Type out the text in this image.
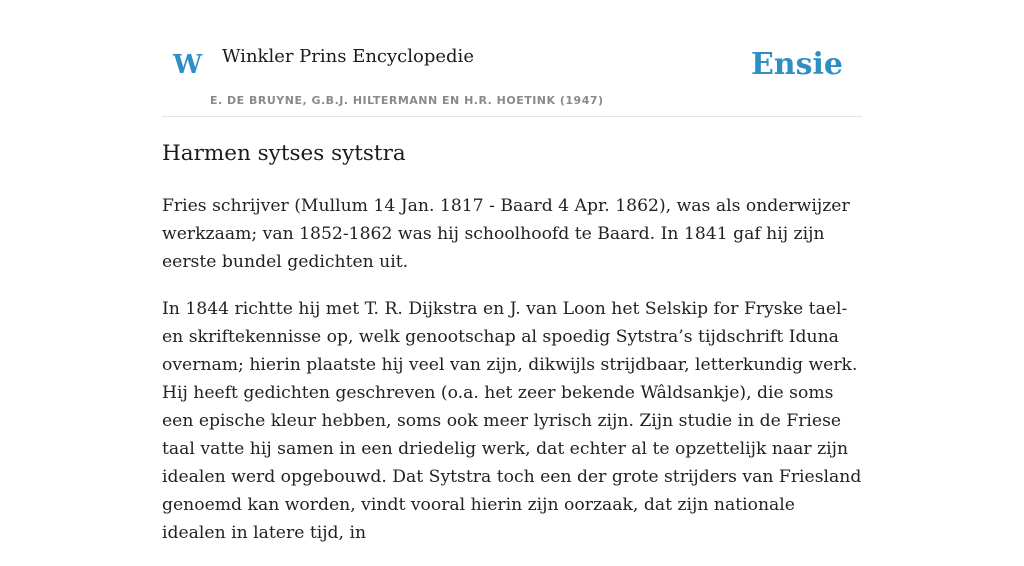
W Winkler Prins Encyclopedie
E. DE BRUYNE, G.B.J. HILTERMANN EN H.R. HOETINK (1947)
Ensie
Harmen sytses sytstra

Fries schrijver (Mullum 14 Jan. 1817 - Baard 4 Apr. 1862), was als onderwijzer werkzaam; van 1852-1862 was hij schoolhoofd te Baard. In 1841 gaf hij zijn eerste bundel gedichten uit.

In 1844 richtte hij met T. R. Dijkstra en J. van Loon het Selskip for Fryske tael- en skriftekennisse op, welk genootschap al spoedig Sytstra’s tijdschrift Iduna overnam; hierin plaatste hij veel van zijn, dikwijls strijdbaar, letterkundig werk. Hij heeft gedichten geschreven (o.a. het zeer bekende Wâldsankje), die soms een epische kleur hebben, soms ook meer lyrisch zijn. Zijn studie in de Friese taal vatte hij samen in een driedelig werk, dat echter al te opzettelijk naar zijn idealen werd opgebouwd. Dat Sytstra toch een der grote strijders van Friesland genoemd kan worden, vindt vooral hierin zijn oorzaak, dat zijn nationale idealen in latere tijd, in
